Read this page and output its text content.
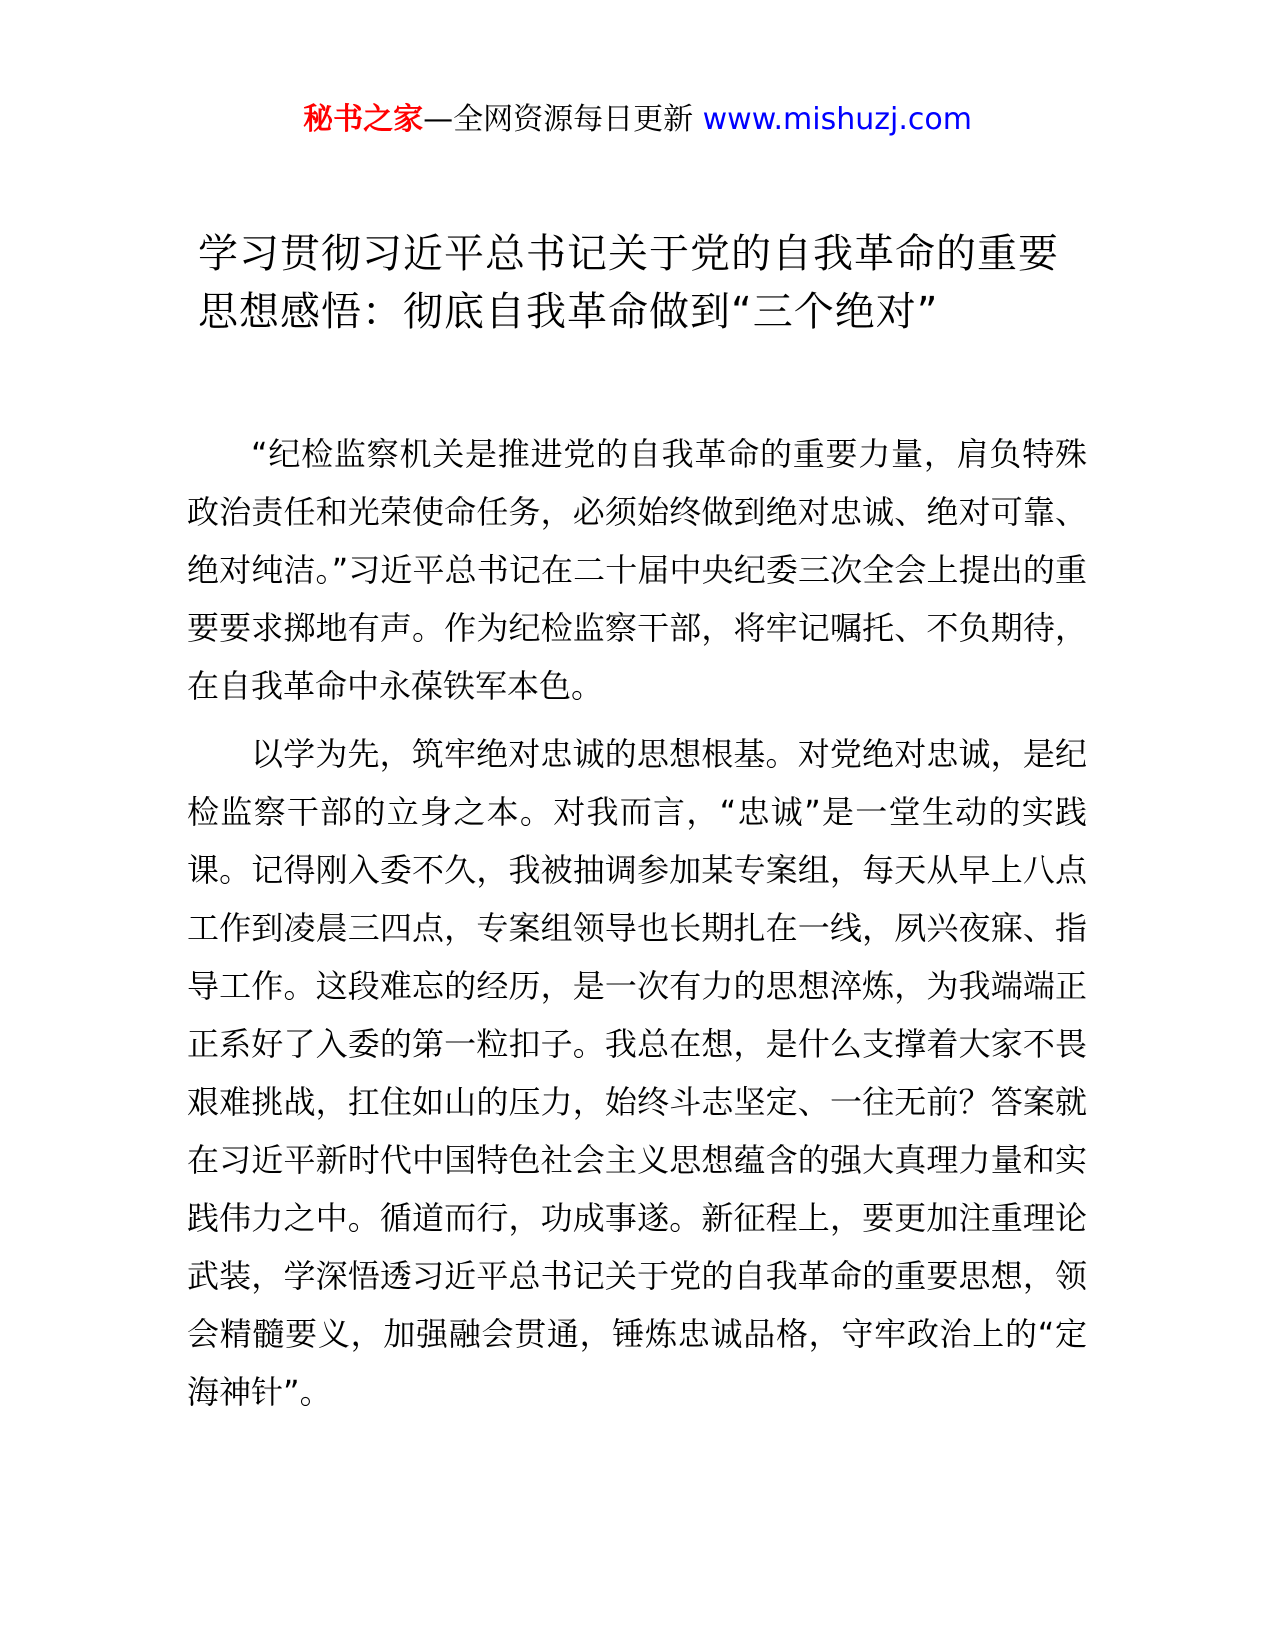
秘书之家—全网资源每日更新 www.mishuzj.com
学习贯彻习近平总书记关于党的自我革命的重要思想感悟：彻底自我革命做到“三个绝对”

“纪检监察机关是推进党的自我革命的重要力量，肩负特殊政治责任和光荣使命任务，必须始终做到绝对忠诚、绝对可靠、绝对纯洁。”习近平总书记在二十届中央纪委三次全会上提出的重要要求掷地有声。作为纪检监察干部，将牢记嘱托、不负期待，在自我革命中永葆铁军本色。

以学为先，筑牢绝对忠诚的思想根基。对党绝对忠诚，是纪检监察干部的立身之本。对我而言，“忠诚”是一堂生动的实践课。记得刚入委不久，我被抽调参加某专案组，每天从早上八点工作到凌晨三四点，专案组领导也长期扎在一线，夙兴夜寐、指导工作。这段难忘的经历，是一次有力的思想淬炼，为我端端正正系好了入委的第一粒扣子。我总在想，是什么支撑着大家不畏艰难挑战，扛住如山的压力，始终斗志坚定、一往无前？答案就在习近平新时代中国特色社会主义思想蕴含的强大真理力量和实践伟力之中。循道而行，功成事遂。新征程上，要更加注重理论武装，学深悟透习近平总书记关于党的自我革命的重要思想，领会精髓要义，加强融会贯通，锤炼忠诚品格，守牢政治上的“定海神针”。
